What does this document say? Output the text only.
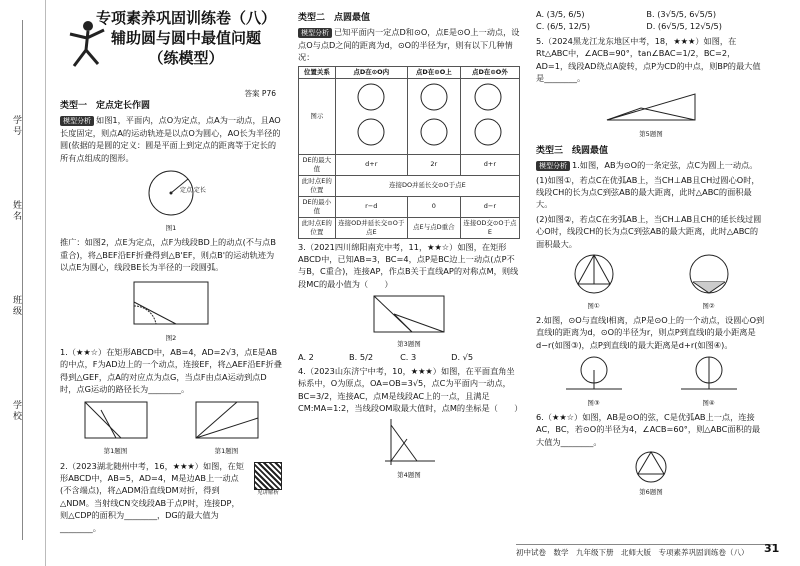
学号
姓名
班级
学校
专项素养巩固训练卷（八）
辅助圆与圆中最值问题
（练模型）
答案 P76
类型一　定点定长作圆

模型分析 如图1，平面内，点O为定点，点A为一动点，且AO长度固定，则点A的运动轨迹是以点O为圆心，AO长为半径的圆(依据的是圆的定义：圆是平面上到定点的距离等于定长的所有点组成的图形。

定点 定长

图1

推广：如图2，点E为定点，点F为线段BD上的动点(不与点B重合)，将△BEF沿EF折叠得到△B'EF，则点B'的运动轨迹为以点E为圆心，线段BE长为半径的一段圆弧。

图2

1.（★★☆）在矩形ABCD中，AB=4，AD=2√3，点E是AB的中点，F为AD边上的一个动点，连接EF，将△AEF沿EF折叠得到△GEF，点A的对应点为点G，当点F由点A运动到点D时，点G运动的路径长为________。

第1题图	第1题图

2.（2023湖北随州中考，16，★★★）如图，在矩形ABCD中，AB=5，AD=4，M是边AB上一动点(不含端点)，将△ADM沿直线DM对折，得到△NDM。当射线CN交线段AB于点P时，连接DP，则△CDP的面积为________，DG的最大值为________。

见讲解析
类型二　点圆最值

模型分析 已知平面内一定点D和⊙O，点E是⊙O上一动点，设点O与点D之间的距离为d，⊙O的半径为r，则有以下几种情况：

位置关系	点D在⊙O内	点D在⊙O上	点D在⊙O外
图示			
DE的最大值	d+r	2r	d+r
此时点E的位置	连接DO并延长交⊙O于点E		
DE的最小值	r−d	0	d−r
此时点E的位置	连接OD并延长交⊙O于点E	点E与点D重合	连接OD交⊙O于点E

3.（2021四川绵阳南充中考，11，★★☆）如图，在矩形ABCD中，已知AB=3，BC=4，点P是BC边上一动点(点P不与B，C重合)，连接AP，作点B关于直线AP的对称点M，则线段MC的最小值为（　　）

第3题图

A. 2	B. 5/2	C. 3	D. √5

4.（2023山东济宁中考，10，★★★）如图，在平面直角坐标系中，O为原点，OA=OB=3√5，点C为平面内一动点，BC=3/2，连接AC，点M是线段AC上的一点，且满足CM:MA=1:2，当线段OM取最大值时，点M的坐标是（　　）

第4题图

A. (3/5, 6/5)	B. (3√5/5, 6√5/5) C. (6/5, 12/5)	D. (6√5/5, 12√5/5)

5.（2024黑龙江龙东地区中考，18，★★★）如图，在Rt△ABC中，∠ACB=90°，tan∠BAC=1/2，BC=2，AD=1，线段AD绕点A旋转，点P为CD的中点，则BP的最大值是________。

第5题图

类型三　线圆最值

模型分析 1.如图，AB为⊙O的一条定弦，点C为圆上一动点。

(1)如图①，若点C在优弧AB上，当CH⊥AB且CH过圆心O时，线段CH的长为点C到弦AB的最大距离，此时△ABC的面积最大。

(2)如图②，若点C在劣弧AB上，当CH⊥AB且CH的延长线过圆心O时，线段CH的长为点C到弦AB的最大距离，此时△ABC的面积最大。

图①	图②

2.如图，⊙O与直线l相离，点P是⊙O上的一个动点，设圆心O到直线l的距离为d，⊙O的半径为r，则点P到直线l的最小距离是d−r(如图③)，点P到直线l的最大距离是d+r(如图④)。

图③	图④

6.（★★☆）如图，AB是⊙O的弦，C是优弧AB上一点，连接AC，BC，若⊙O的半径为4，∠ACB=60°，则△ABC面积的最大值为________。

第6题图

初中试卷　数学　九年级下册　北师大版　专项素养巩固训练卷（八）	31
